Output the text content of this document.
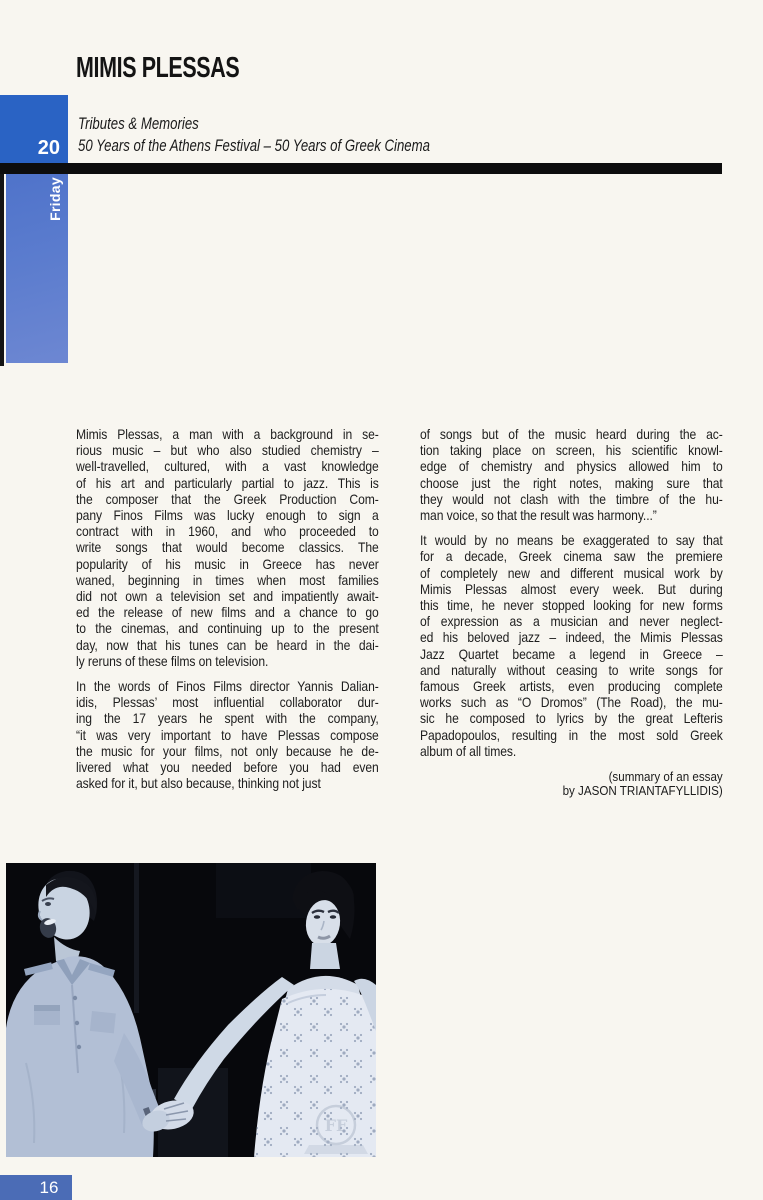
MIMIS PLESSAS
20
Tributes & Memories
50 Years of the Athens Festival – 50 Years of Greek Cinema
Friday
Mimis Plessas, a man with a background in se-
rious music – but who also studied chemistry –
well-travelled, cultured, with a vast knowledge
of his art and particularly partial to jazz. This is
the composer that the Greek Production Com-
pany Finos Films was lucky enough to sign a
contract with in 1960, and who proceeded to
write songs that would become classics. The
popularity of his music in Greece has never
waned, beginning in times when most families
did not own a television set and impatiently await-
ed the release of new films and a chance to go
to the cinemas, and continuing up to the present
day, now that his tunes can be heard in the dai-
ly reruns of these films on television.
In the words of Finos Films director Yannis Dalian-
idis, Plessas’ most influential collaborator dur-
ing the 17 years he spent with the company,
“it was very important to have Plessas compose
the music for your films, not only because he de-
livered what you needed before you had even
asked for it, but also because, thinking not just
of songs but of the music heard during the ac-
tion taking place on screen, his scientific knowl-
edge of chemistry and physics allowed him to
choose just the right notes, making sure that
they would not clash with the timbre of the hu-
man voice, so that the result was harmony...”
It would by no means be exaggerated to say that
for a decade, Greek cinema saw the premiere
of completely new and different musical work by
Mimis Plessas almost every week. But during
this time, he never stopped looking for new forms
of expression as a musician and never neglect-
ed his beloved jazz – indeed, the Mimis Plessas
Jazz Quartet became a legend in Greece –
and naturally without ceasing to write songs for
famous Greek artists, even producing complete
works such as “O Dromos” (The Road), the mu-
sic he composed to lyrics by the great Lefteris
Papadopoulos, resulting in the most sold Greek
album of all times.
(summary of an essay
by JASON TRIANTAFYLLIDIS)
FF
16
